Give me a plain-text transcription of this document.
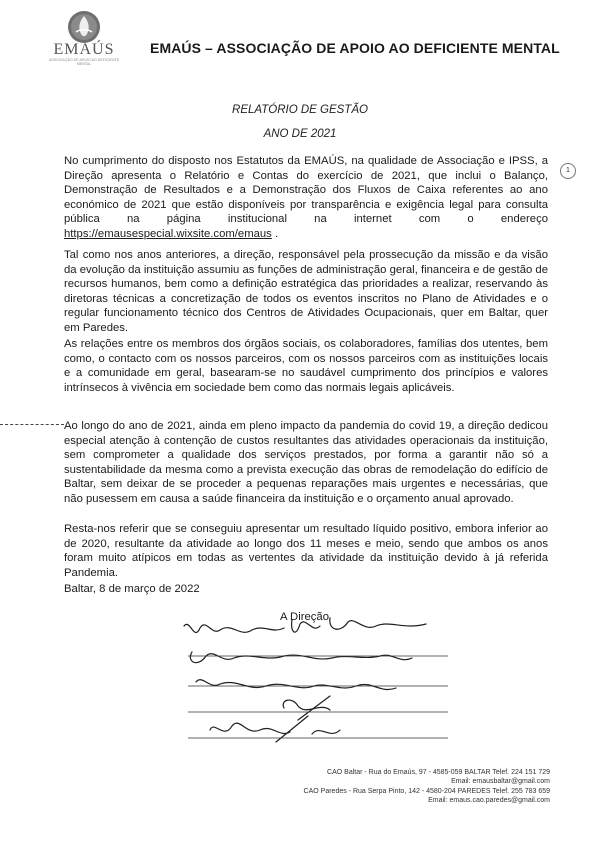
EMAÚS
ASSOCIAÇÃO DE APOIO AO DEFICIENTE MENTAL
EMAÚS – ASSOCIAÇÃO DE APOIO AO DEFICIENTE MENTAL
RELATÓRIO DE GESTÃO
ANO DE 2021
1
No cumprimento do disposto nos Estatutos da EMAÚS, na qualidade de Associação e IPSS, a Direção apresenta o Relatório e Contas do exercício de 2021, que inclui o Balanço, Demonstração de Resultados e a Demonstração dos Fluxos de Caixa referentes ao ano económico de 2021 que estão disponíveis por transparência e exigência legal para consulta pública na página institucional na internet com o endereço https://emausespecial.wixsite.com/emaus .
Tal como nos anos anteriores, a direção, responsável pela prossecução da missão e da visão da evolução da instituição assumiu as funções de administração geral, financeira e de gestão de recursos humanos, bem como a definição estratégica das prioridades a realizar, reservando às diretoras técnicas a concretização de todos os eventos inscritos no Plano de Atividades e o regular funcionamento técnico dos Centros de Atividades Ocupacionais, quer em Baltar, quer em Paredes.
As relações entre os membros dos órgãos sociais, os colaboradores, famílias dos utentes, bem como, o contacto com os nossos parceiros, com os nossos parceiros com as instituições locais e a comunidade em geral, basearam-se no saudável cumprimento dos princípios e valores intrínsecos à vivência em sociedade bem como das normais legais aplicáveis.
Ao longo do ano de 2021, ainda em pleno impacto da pandemia do covid 19, a direção dedicou especial atenção à contenção de custos resultantes das atividades operacionais da instituição, sem comprometer a qualidade dos serviços prestados, por forma a garantir não só a sustentabilidade da mesma como a prevista execução das obras de remodelação do edifício de Baltar, sem deixar de se proceder a pequenas reparações mais urgentes e necessárias, que não pusessem em causa a saúde financeira da instituição e o orçamento anual aprovado.
Resta-nos referir que se conseguiu apresentar um resultado líquido positivo, embora inferior ao de 2020, resultante da atividade ao longo dos 11 meses e meio, sendo que ambos os anos foram muito atípicos em todas as vertentes da atividade da instituição devido à já referida Pandemia.
Baltar, 8 de março de 2022
A Direção
CAO Baltar - Rua do Emaús, 97 - 4585-059 BALTAR Telef. 224 151 729
Email: emausbaltar@gmail.com
CAO Paredes - Rua Serpa Pinto, 142 - 4580-204 PAREDES Telef. 255 783 659
Email: emaus.cao.paredes@gmail.com
